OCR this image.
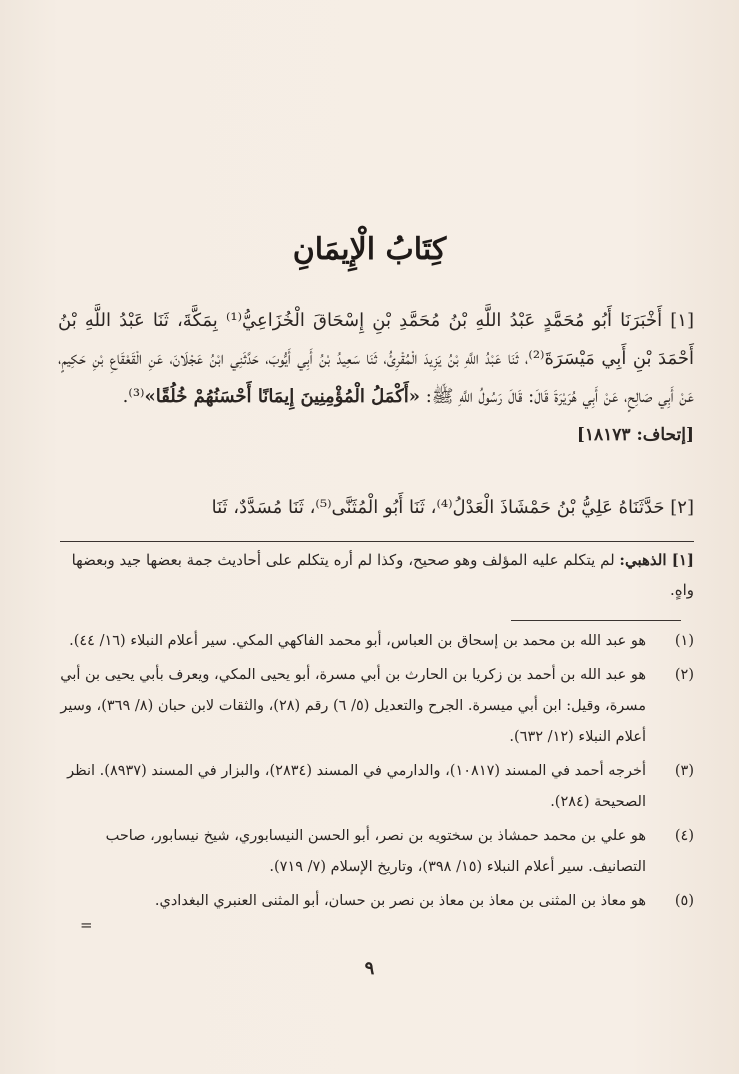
كِتَابُ الْإِيمَانِ

[١] أَخْبَرَنَا أَبُو مُحَمَّدٍ عَبْدُ اللَّهِ بْنُ مُحَمَّدِ بْنِ إِسْحَاقَ الْخُزَاعِيُّ⁽¹⁾ بِمَكَّةَ، ثَنَا عَبْدُ اللَّهِ بْنُ أَحْمَدَ بْنِ أَبِي مَيْسَرَةَ⁽²⁾، ثَنَا عَبْدُ اللَّهِ بْنُ يَزِيدَ الْمُقْرِئُ، ثَنَا سَعِيدُ بْنُ أَبِي أَيُّوبَ، حَدَّثَنِي ابْنُ عَجْلَانَ، عَنِ الْقَعْقَاعِ بْنِ حَكِيمٍ، عَنْ أَبِي صَالِحٍ، عَنْ أَبِي هُرَيْرَةَ قَالَ: قَالَ رَسُولُ اللَّهِ ﷺ: «أَكْمَلُ الْمُؤْمِنِينَ إِيمَانًا أَحْسَنُهُمْ خُلُقًا»⁽³⁾.

[إتحاف: ١٨١٧٣]

[٢] حَدَّثَنَاهُ عَلِيُّ بْنُ حَمْشَاذَ الْعَدْلُ⁽⁴⁾، ثَنَا أَبُو الْمُثَنَّى⁽⁵⁾، ثَنَا مُسَدَّدٌ، ثَنَا
[١] الذهبي: لم يتكلم عليه المؤلف وهو صحيح، وكذا لم أره يتكلم على أحاديث جمة بعضها جيد وبعضها واهٍ.
(١)
هو عبد الله بن محمد بن إسحاق بن العباس، أبو محمد الفاكهي المكي. سير أعلام النبلاء (١٦/ ٤٤).
(٢)
هو عبد الله بن أحمد بن زكريا بن الحارث بن أبي مسرة، أبو يحيى المكي، ويعرف بأبي يحيى بن أبي مسرة، وقيل: ابن أبي ميسرة. الجرح والتعديل (٥/ ٦) رقم (٢٨)، والثقات لابن حبان (٨/ ٣٦٩)، وسير أعلام النبلاء (١٢/ ٦٣٢).
(٣)
أخرجه أحمد في المسند (١٠٨١٧)، والدارمي في المسند (٢٨٣٤)، والبزار في المسند (٨٩٣٧). انظر الصحيحة (٢٨٤).
(٤)
هو علي بن محمد حمشاذ بن سختويه بن نصر، أبو الحسن النيسابوري، شيخ نيسابور، صاحب التصانيف. سير أعلام النبلاء (١٥/ ٣٩٨)، وتاريخ الإسلام (٧/ ٧١٩).
(٥)
هو معاذ بن المثنى بن معاذ بن معاذ بن نصر بن حسان، أبو المثنى العنبري البغدادي.
=
٩
